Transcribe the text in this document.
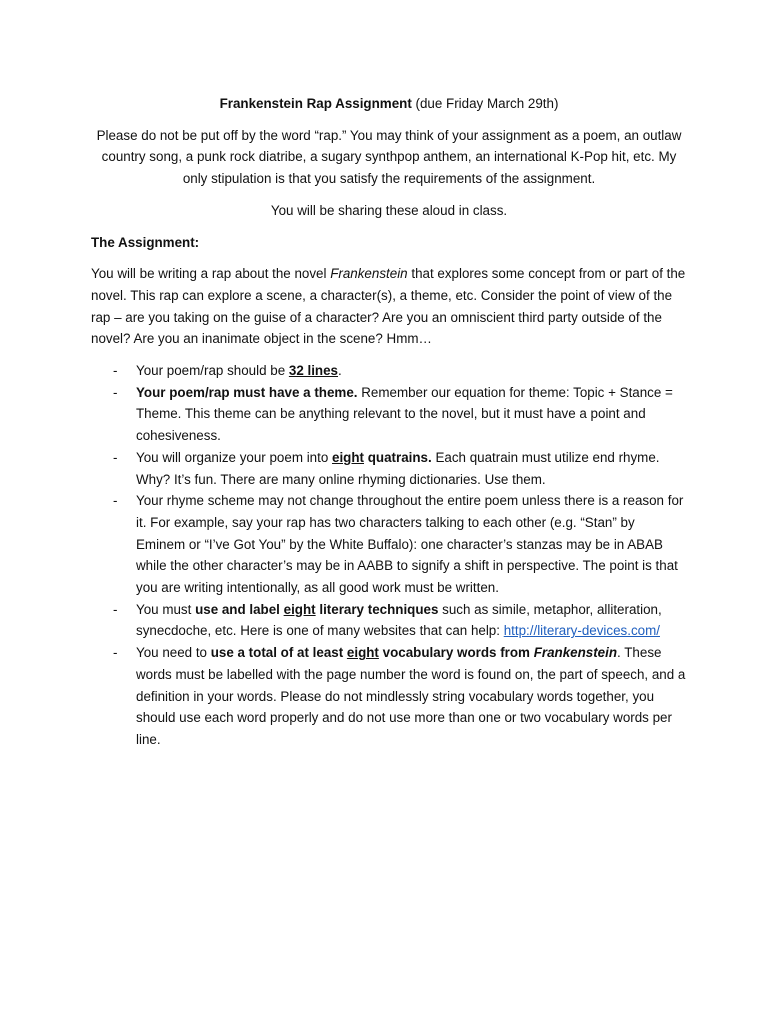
Frankenstein Rap Assignment (due Friday March 29th)

Please do not be put off by the word “rap.” You may think of your assignment as a poem, an outlaw country song, a punk rock diatribe, a sugary synthpop anthem, an international K-Pop hit, etc. My only stipulation is that you satisfy the requirements of the assignment.

You will be sharing these aloud in class.

The Assignment:

You will be writing a rap about the novel Frankenstein that explores some concept from or part of the novel. This rap can explore a scene, a character(s), a theme, etc. Consider the point of view of the rap – are you taking on the guise of a character? Are you an omniscient third party outside of the novel? Are you an inanimate object in the scene? Hmm…

- Your poem/rap should be 32 lines.
- Your poem/rap must have a theme. Remember our equation for theme: Topic + Stance = Theme. This theme can be anything relevant to the novel, but it must have a point and cohesiveness.
- You will organize your poem into eight quatrains. Each quatrain must utilize end rhyme. Why? It’s fun. There are many online rhyming dictionaries. Use them.
- Your rhyme scheme may not change throughout the entire poem unless there is a reason for it. For example, say your rap has two characters talking to each other (e.g. “Stan” by Eminem or “I’ve Got You” by the White Buffalo): one character’s stanzas may be in ABAB while the other character’s may be in AABB to signify a shift in perspective. The point is that you are writing intentionally, as all good work must be written.
- You must use and label eight literary techniques such as simile, metaphor, alliteration, synecdoche, etc. Here is one of many websites that can help: http://literary-devices.com/
- You need to use a total of at least eight vocabulary words from Frankenstein. These words must be labelled with the page number the word is found on, the part of speech, and a definition in your words. Please do not mindlessly string vocabulary words together, you should use each word properly and do not use more than one or two vocabulary words per line.
